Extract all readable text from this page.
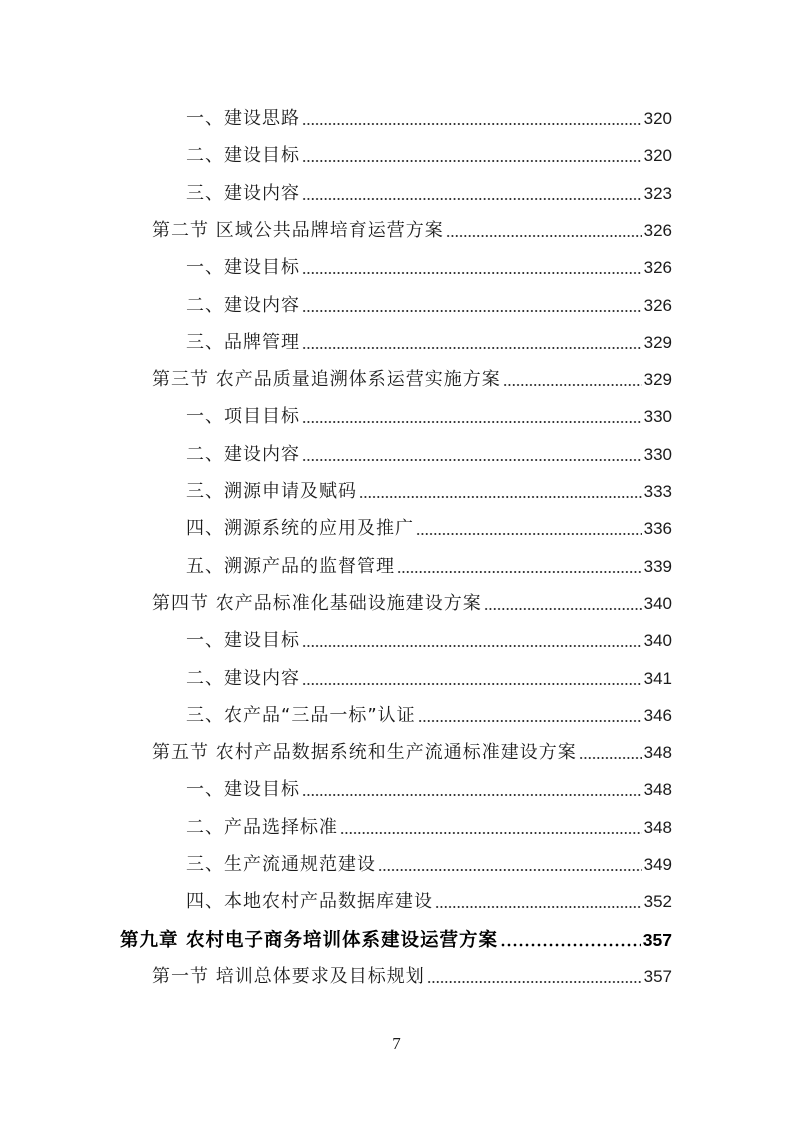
一、建设思路	320
二、建设目标	320
三、建设内容	323
第二节 区域公共品牌培育运营方案	326
一、建设目标	326
二、建设内容	326
三、品牌管理	329
第三节 农产品质量追溯体系运营实施方案	329
一、项目目标	330
二、建设内容	330
三、溯源申请及赋码	333
四、溯源系统的应用及推广	336
五、溯源产品的监督管理	339
第四节 农产品标准化基础设施建设方案	340
一、建设目标	340
二、建设内容	341
三、农产品“三品一标”认证	346
第五节 农村产品数据系统和生产流通标准建设方案	348
一、建设目标	348
二、产品选择标准	348
三、生产流通规范建设	349
四、本地农村产品数据库建设	352
第九章 农村电子商务培训体系建设运营方案	357
第一节 培训总体要求及目标规划	357
7
